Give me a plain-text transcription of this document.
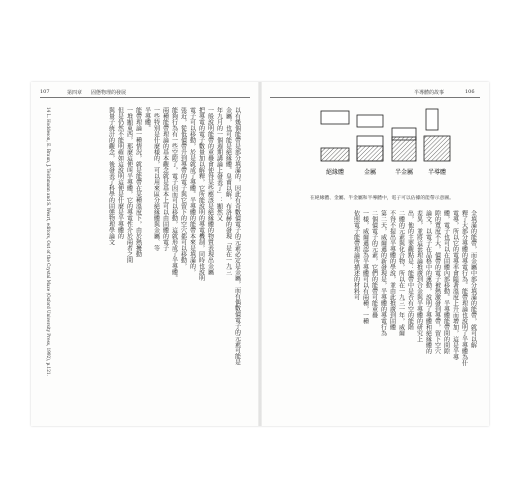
107	第四章 固態物理的發展
以有幾個能帶是部分填滿的，因此有奇數價電子的元素必定是金屬，而有偶數價電子的元素可能是
金屬，也可能是絕緣體。皇甫以解，布洛赫的發現「是在一九三
年九月的一個週期講論上發表了」：顯然又
一般說明能帶的重疊會使得某些應該是絕緣體的物質表現出金屬
把導電的電子數量加以解釋，它所能說明的導電機制，同時也說明
電子可以移動，於是就成了導體。半導體的能帶本來是填滿的，
張近，從低價帶升到導帶的電子與它留下的空穴都可以移動，
能夠行為有一些空隙了，電子因而可以移動，這就形成了半導體。
兩種能帶理論的基本觀念就是基本上可以由固體的電子
一些特別是什麼樣的，可以用來區分絕緣體與金屬、等
半導體。
能帶理論一種情況，就是能帶在某種溫度下，由於熱擾動
一堆顯東西，那麼這便叫半導體，它的導電性介於兩者之間
但是仍然不能明確如這說明這便是什麼是半導體的
與量子統計的觀念，後發表了科學的固態物理學論文
14 L. Hoddeson, E. Braun, J. Teichmann and S. Weart, editors, Out of the Crystal Maze (Oxford University Press, 1992), p.121.
半導體的故事	106
絕緣體	金屬	半金屬 半導體
在絕緣體、金屬、半金屬和半導體中，電子可以佔據的能帶示意圖。
全填滿的能帶，而金屬中部分填滿的能帶，就可以解
釋了大部分導體的導電行為。能帶理論也說明了半導體為什
電導，所以它的電導率會隨著溫度上升而增加，這是半導
體，電子也可以在固體內部移動。半導體能帶間的間隙
隙的寬度不大，價帶的電子被熱激發到導帶，留下空穴
論文，以電子在晶格中的運動，說明了導體和絕緣體的
差異，並將這套理論推廣到合金與半導體的研究上
出，他的主要觀點是：能帶中是否有空的能階
二體的元素與化合物，所以在一九三一年，威爾
不得不提出半導體的學說，並由此推廣到固體
第二天，威爾遜的新發現是，半導體的導電行為
二個價電子的元素，它們的能帶可能重疊
一樣，威爾遜認為半導體可以有兩種，一種
依照電子能帶理論所描述的材料可
